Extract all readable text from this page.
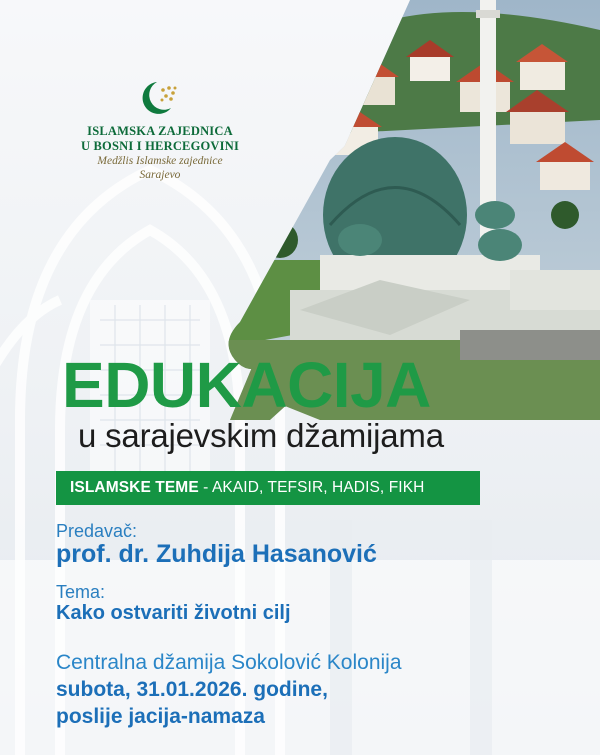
ISLAMSKA ZAJEDNICA
U BOSNI I HERCEGOVINI
Medžlis Islamske zajednice
Sarajevo
EDUKACIJA
u sarajevskim džamijama
ISLAMSKE TEME - AKAID, TEFSIR, HADIS, FIKH
Predavač:
prof. dr. Zuhdija Hasanović
Tema:
Kako ostvariti životni cilj
Centralna džamija Sokolović Kolonija
subota, 31.01.2026. godine,
poslije jacija-namaza
